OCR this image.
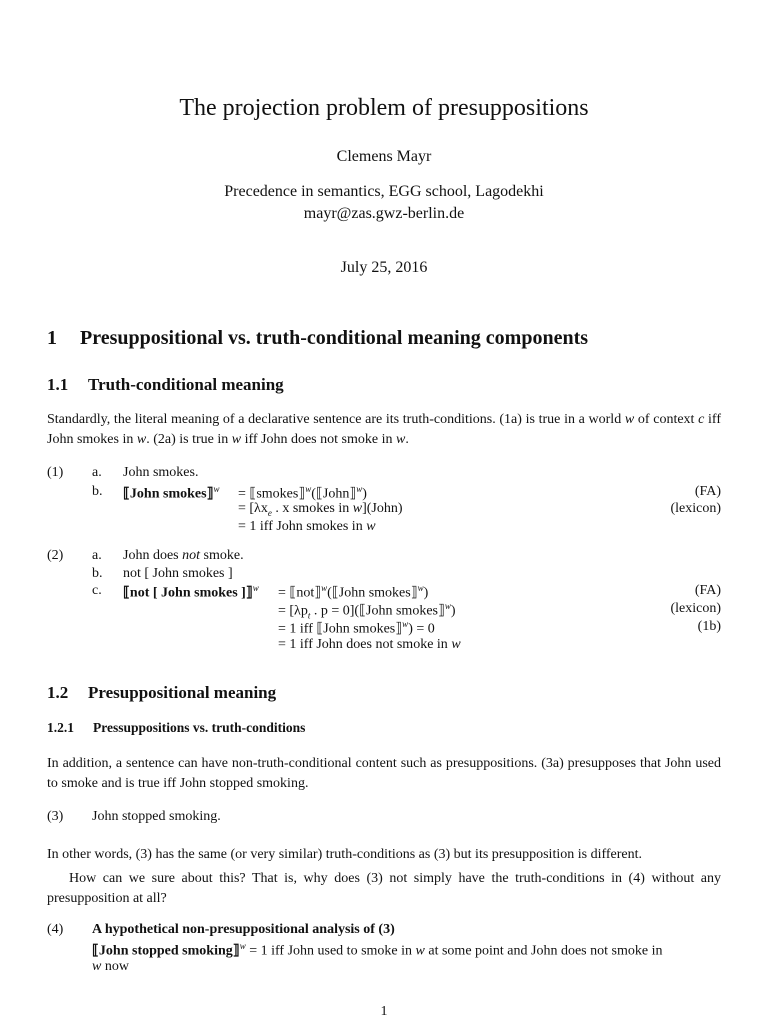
The projection problem of presuppositions
Clemens Mayr
Precedence in semantics, EGG school, Lagodekhi
mayr@zas.gwz-berlin.de
July 25, 2016
1 Presuppositional vs. truth-conditional meaning components
1.1 Truth-conditional meaning
Standardly, the literal meaning of a declarative sentence are its truth-conditions. (1a) is true in a world w of context c iff John smokes in w. (2a) is true in w iff John does not smoke in w.
(1) a. John smokes.
b. ⟦John smokes⟧$^w$ = ⟦smokes⟧$^w$(⟦John⟧$^w$)
= [$\lambda x_e$ . x smokes in w](John)
= 1 iff John smokes in w
(FA)
(lexicon)
(2) a. John does not smoke.
b. not [ John smokes ]
c. ⟦not [ John smokes ]⟧$^w$ = ⟦not⟧$^w$(⟦John smokes⟧$^w$)
= [$\lambda p_t$ . p = 0](⟦John smokes⟧$^w$)
= 1 iff ⟦John smokes⟧$^w$) = 0
= 1 iff John does not smoke in w
(FA)
(lexicon)
(1b)
1.2 Presuppositional meaning
1.2.1 Pressuppositions vs. truth-conditions
In addition, a sentence can have non-truth-conditional content such as presuppositions. (3a) presupposes that John used to smoke and is true iff John stopped smoking.
(3) John stopped smoking.
In other words, (3) has the same (or very similar) truth-conditions as (3) but its presupposition is different.
How can we sure about this? That is, why does (3) not simply have the truth-conditions in (4) without any presupposition at all?
(4) A hypothetical non-presuppositional analysis of (3)
⟦John stopped smoking⟧$^w$ = 1 iff John used to smoke in w at some point and John does not smoke in
w now
1
